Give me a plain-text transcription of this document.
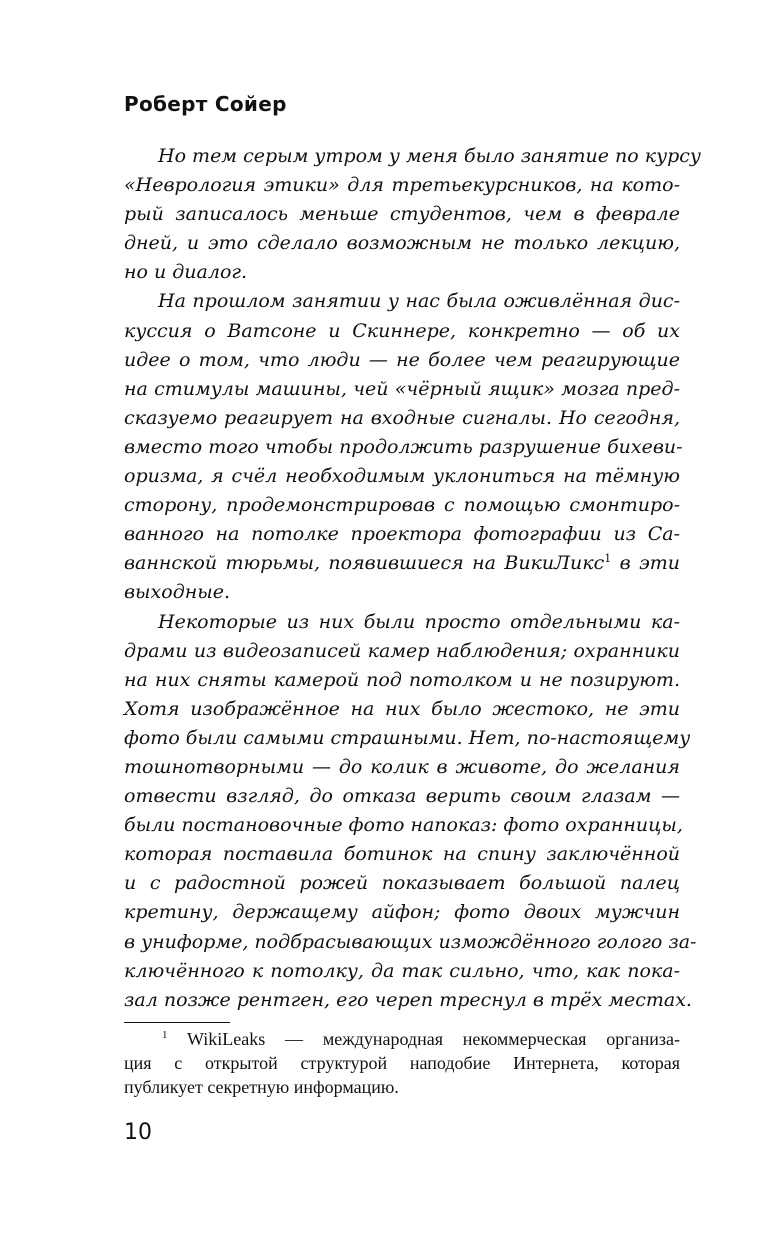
Роберт Сойер
Но тем серым утром у меня было занятие по курсу
«Неврология этики» для третьекурсников, на кото-
рый записалось меньше студентов, чем в феврале
дней, и это сделало возможным не только лекцию,
но и диалог.
На прошлом занятии у нас была оживлённая дис-
куссия о Ватсоне и Скиннере, конкретно — об их
идее о том, что люди — не более чем реагирующие
на стимулы машины, чей «чёрный ящик» мозга пред-
сказуемо реагирует на входные сигналы. Но сегодня,
вместо того чтобы продолжить разрушение бихеви-
оризма, я счёл необходимым уклониться на тёмную
сторону, продемонстрировав с помощью смонтиро-
ванного на потолке проектора фотографии из Са-
ваннской тюрьмы, появившиеся на ВикиЛикс$^1$ в эти
выходные.
Некоторые из них были просто отдельными ка-
драми из видеозаписей камер наблюдения; охранники
на них сняты камерой под потолком и не позируют.
Хотя изображённое на них было жестоко, не эти
фото были самыми страшными. Нет, по-настоящему
тошнотворными — до колик в животе, до желания
отвести взгляд, до отказа верить своим глазам —
были постановочные фото напоказ: фото охранницы,
которая поставила ботинок на спину заключённой
и с радостной рожей показывает большой палец
кретину, держащему айфон; фото двоих мужчин
в униформе, подбрасывающих измождённого голого за-
ключённого к потолку, да так сильно, что, как пока-
зал позже рентген, его череп треснул в трёх местах.
$^1$ WikiLeaks — международная некоммерческая организа-
ция с открытой структурой наподобие Интернета, которая
публикует секретную информацию.
10
